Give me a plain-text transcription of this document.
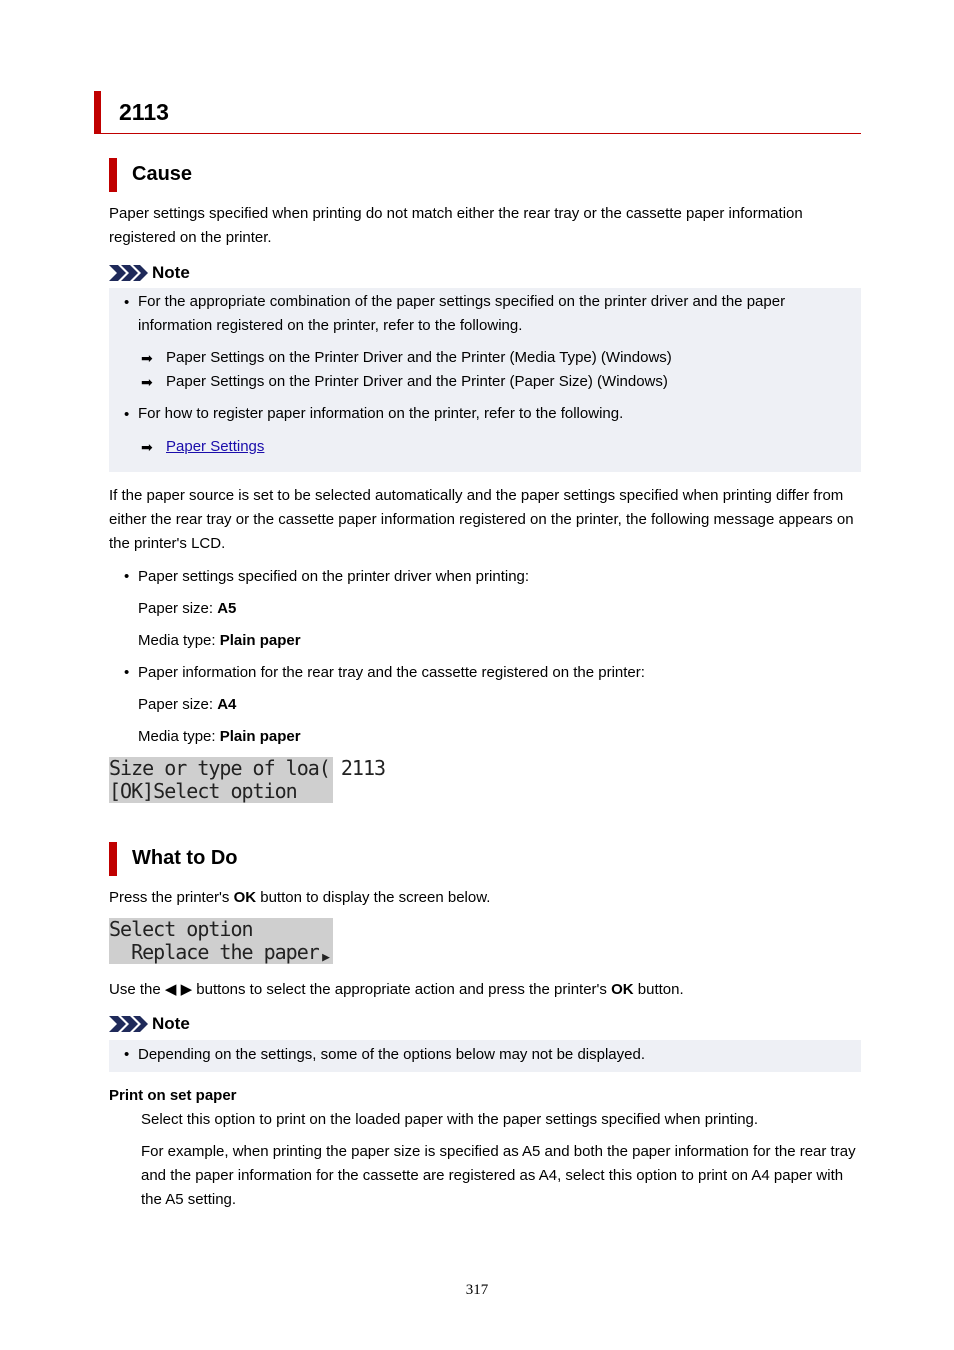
2113
Cause
Paper settings specified when printing do not match either the rear tray or the cassette paper information registered on the printer.
Note
• For the appropriate combination of the paper settings specified on the printer driver and the paper information registered on the printer, refer to the following.
➡ Paper Settings on the Printer Driver and the Printer (Media Type) (Windows)
➡ Paper Settings on the Printer Driver and the Printer (Paper Size) (Windows)
• For how to register paper information on the printer, refer to the following.
➡ Paper Settings
If the paper source is set to be selected automatically and the paper settings specified when printing differ from either the rear tray or the cassette paper information registered on the printer, the following message appears on the printer's LCD.
• Paper settings specified on the printer driver when printing:
Paper size: A5
Media type: Plain paper
• Paper information for the rear tray and the cassette registered on the printer:
Paper size: A4
Media type: Plain paper
Size or type of loa( 2113
[OK]Select option
What to Do
Press the printer's OK button to display the screen below.
Select option
Replace the paper ▶
Use the ◀ ▶ buttons to select the appropriate action and press the printer's OK button.
Note
• Depending on the settings, some of the options below may not be displayed.
Print on set paper
Select this option to print on the loaded paper with the paper settings specified when printing.
For example, when printing the paper size is specified as A5 and both the paper information for the rear tray and the paper information for the cassette are registered as A4, select this option to print on A4 paper with the A5 setting.
317
